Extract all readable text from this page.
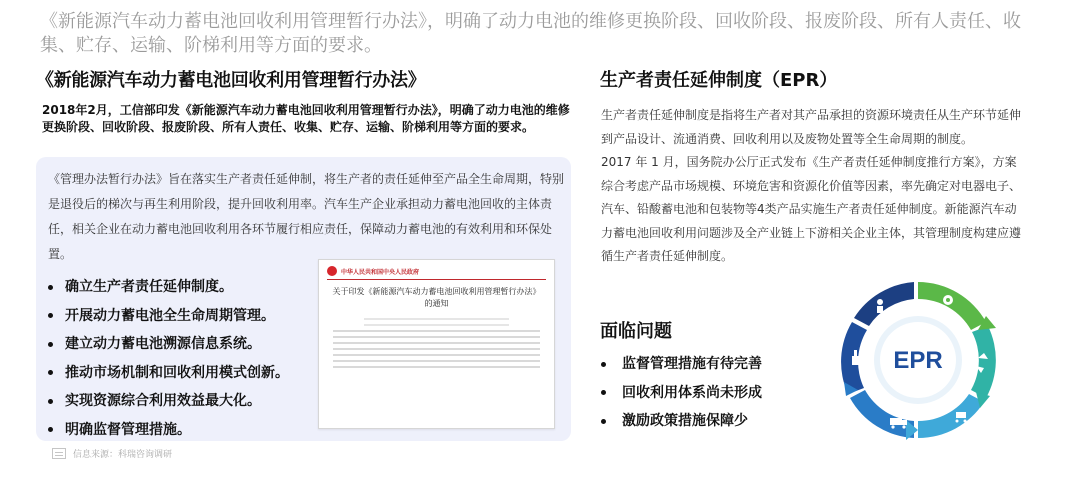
《新能源汽车动力蓄电池回收利用管理暂行办法》，明确了动力电池的维修更换阶段、回收阶段、报废阶段、所有人责任、收集、贮存、运输、阶梯利用等方面的要求。
《新能源汽车动力蓄电池回收利用管理暂行办法》
2018年2月，工信部印发《新能源汽车动力蓄电池回收利用管理暂行办法》，明确了动力电池的维修更换阶段、回收阶段、报废阶段、所有人责任、收集、贮存、运输、阶梯利用等方面的要求。
《管理办法暂行办法》旨在落实生产者责任延伸制，将生产者的责任延伸至产品全生命周期，特别是退役后的梯次与再生利用阶段，提升回收利用率。汽车生产企业承担动力蓄电池回收的主体责任，相关企业在动力蓄电池回收利用各环节履行相应责任，保障动力蓄电池的有效利用和环保处置。
确立生产者责任延伸制度。
开展动力蓄电池全生命周期管理。
建立动力蓄电池溯源信息系统。
推动市场机制和回收利用模式创新。
实现资源综合利用效益最大化。
明确监督管理措施。
中华人民共和国中央人民政府
关于印发《新能源汽车动力蓄电池回收利用管理暂行办法》的通知
信息来源：科瑞咨询调研
生产者责任延伸制度（EPR）

生产者责任延伸制度是指将生产者对其产品承担的资源环境责任从生产环节延伸到产品设计、流通消费、回收利用以及废物处置等全生命周期的制度。

2017 年 1 月，国务院办公厅正式发布《生产者责任延伸制度推行方案》，方案综合考虑产品市场规模、环境危害和资源化价值等因素，率先确定对电器电子、汽车、铅酸蓄电池和包装物等4类产品实施生产者责任延伸制度。新能源汽车动力蓄电池回收利用问题涉及全产业链上下游相关企业主体，其管理制度构建应遵循生产者责任延伸制度。

面临问题
监督管理措施有待完善
回收利用体系尚未形成
激励政策措施保障少
EPR
